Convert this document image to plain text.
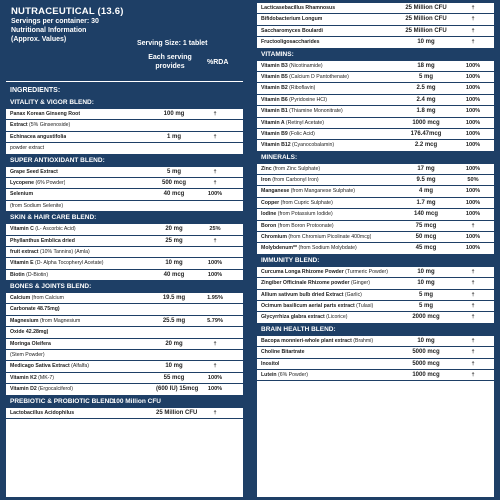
NUTRACEUTICAL (13.6)
Servings per container: 30
Nutritional Information
(Approx. Values)
Serving Size: 1 tablet
Each serving provides
%RDA
INGREDIENTS:
VITALITY & VIGOR BLEND:
Panax Korean Ginseng Root	100 mg	†
Extract (5% Ginsenoside)
Echinacea angustifolia	1 mg	†
powder extract
SUPER ANTIOXIDANT BLEND:
Grape Seed Extract	5 mg	†
Lycopene (6% Powder)	500 mcg	†
Selenium	40 mcg	100%
(from Sodium Selenite)
SKIN & HAIR CARE BLEND:
Vitamin C (L- Ascorbic Acid)	20 mg	25%
Phyllanthus Emblica dried	25 mg	†
fruit extract (10% Tannins) (Amla)
Vitamin E (D- Alpha Tocopheryl Acetate)	10 mg	100%
Biotin (D-Biotin)	40 mcg	100%
BONES & JOINTS BLEND:
Calcium (from Calcium	19.5 mg	1.95%
Carbonate 48.75mg)
Magnesium (from Magnesium	25.5 mg	5.79%
Oxide 42.28mg)
Moringa Oleifera	20 mg	†
(Stem Powder)
Medicago Sativa Extract (Alfalfa)	10 mg	†
Vitamin K2 (MK-7)	55 mcg	100%
Vitamin D2 (Ergocalciferol)	(600 IU) 15mcg	100%
PREBIOTIC & PROBIOTIC BLEND
100 Million CFU
Lactobacillus Acidophilus	25 Million CFU	†
Lacticasebacillus Rhamnosus	25 Million CFU	†
Bifidobacterium Longum	25 Million CFU	†
Saccharomyces Boulardi	25 Million CFU	†
Fructooligosaccharides	10 mg	†
VITAMINS:
Vitamin B3 (Nicotinamide)	18 mg	100%
Vitamin B5 (Calcium D Pantothenate)	5 mg	100%
Vitamin B2 (Riboflavin)	2.5 mg	100%
Vitamin B6 (Pyridoxine HCl)	2.4 mg	100%
Vitamin B1 (Thiamine Mononitrate)	1.8 mg	100%
Vitamin A (Retinyl Acetate)	1000 mcg	100%
Vitamin B9 (Folic Acid)	176.47mcg	100%
Vitamin B12 (Cyanocobalamin)	2.2 mcg	100%
MINERALS:
Zinc (from Zinc Sulphate)	17 mg	100%
Iron (from Carbonyl Iron)	9.5 mg	50%
Manganese (from Manganese Sulphate)	4 mg	100%
Copper (from Cupric Sulphate)	1.7 mg	100%
Iodine (from Potassium Iodide)	140 mcg	100%
Boron (from Boron Protoonate)	75 mcg	†
Chromium (from Chromium Picolinate 400mcg)	50 mcg	100%
Molybdenum** (from Sodium Molybdate)	45 mcg	100%
IMMUNITY BLEND:
Curcuma Longa Rhizome Powder (Turmeric Powder)	10 mg	†
Zingiber Officinale Rhizome powder (Ginger)	10 mg	†
Allium sativum bulb dried Extract (Garlic)	5 mg	†
Ocimum basilicum aerial parts extract (Tulasi)	5 mg	†
Glycyrrhiza glabra extract (Licorice)	2000 mcg	†
BRAIN HEALTH BLEND:
Bacopa monnieri-whole plant extract (Brahmi)	10 mg	†
Choline Bitartrate	5000 mcg	†
Inositol	5000 mcg	†
Lutein (6% Powder)	1000 mcg	†
